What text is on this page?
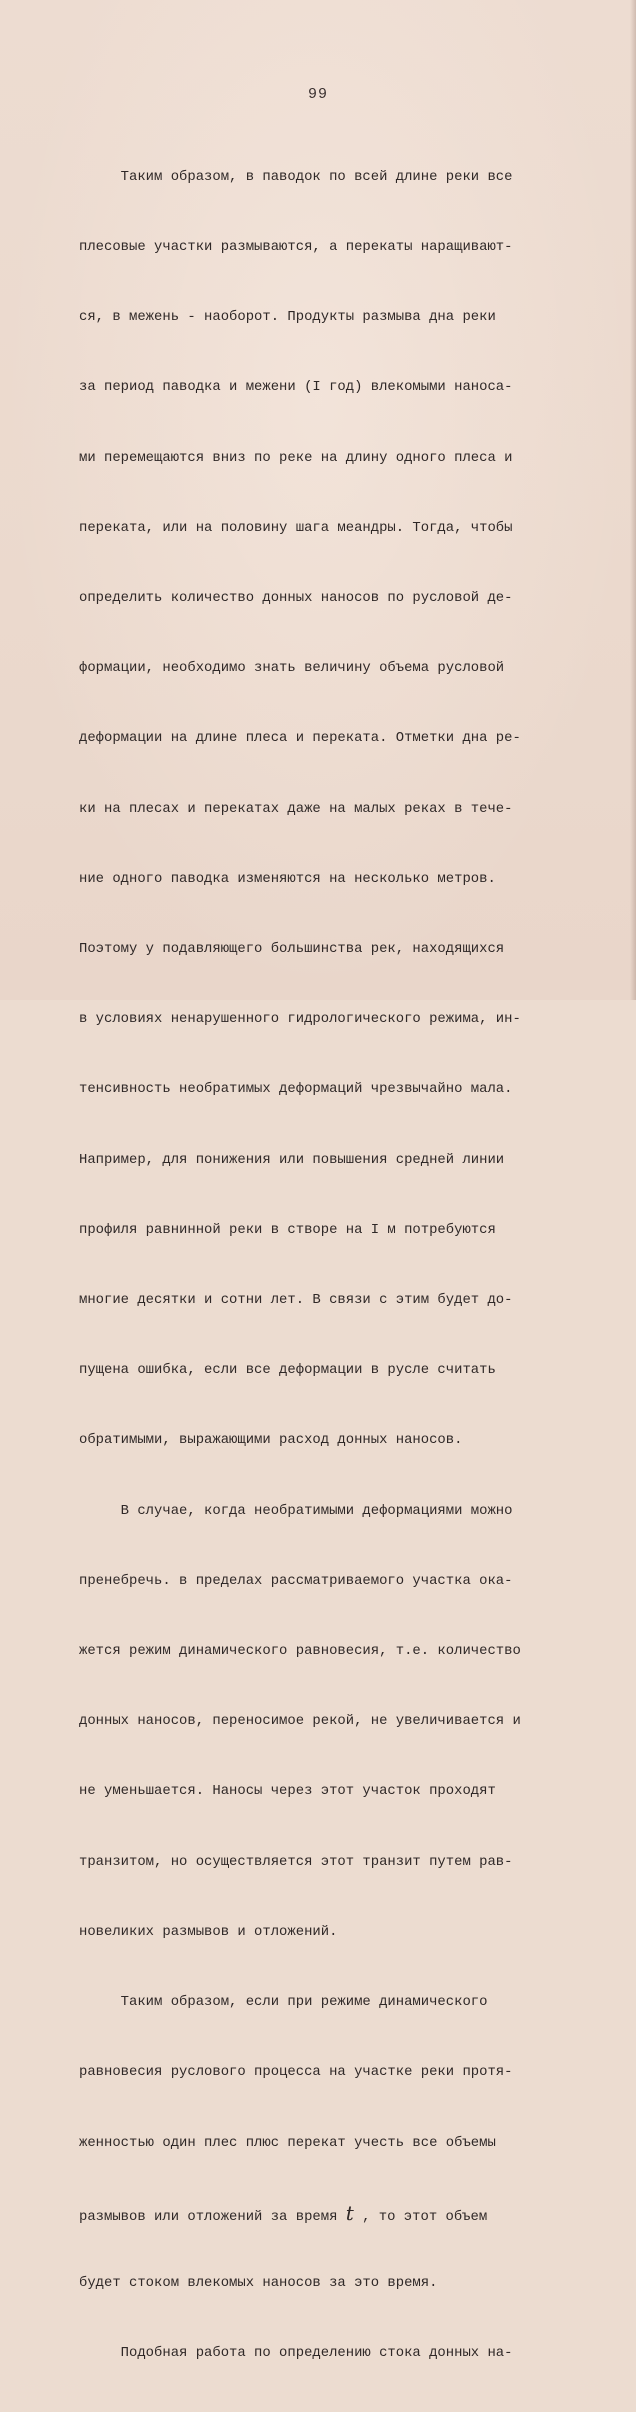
99

Таким образом, в паводок по всей длине реки все

плесовые участки размываются, а перекаты наращивают-

ся, в межень - наоборот. Продукты размыва дна реки

за период паводка и межени (I год) влекомыми наноса-

ми перемещаются вниз по реке на длину одного плеса и

переката, или на половину шага меандры. Тогда, чтобы

определить количество донных наносов по русловой де-

формации, необходимо знать величину объема русловой

деформации на длине плеса и переката. Отметки дна ре-

ки на плесах и перекатах даже на малых реках в тече-

ние одного паводка изменяются на несколько метров.

Поэтому у подавляющего большинства рек, находящихся

в условиях ненарушенного гидрологического режима, ин-

тенсивность необратимых деформаций чрезвычайно мала.

Например, для понижения или повышения средней линии

профиля равнинной реки в створе на I м потребуются

многие десятки и сотни лет. В связи с этим будет до-

пущена ошибка, если все деформации в русле считать

обратимыми, выражающими расход донных наносов.

В случае, когда необратимыми деформациями можно

пренебречь. в пределах рассматриваемого участка ока-

жется режим динамического равновесия, т.е. количество

донных наносов, переносимое рекой, не увеличивается и

не уменьшается. Наносы через этот участок проходят

транзитом, но осуществляется этот транзит путем рав-

новеликих размывов и отложений.

Таким образом, если при режиме динамического

равновесия руслового процесса на участке реки протя-

женностью один плес плюс перекат учесть все объемы

размывов или отложений за время t , то этот объем

будет стоком влекомых наносов за это время.

Подобная работа по определению стока донных на-
